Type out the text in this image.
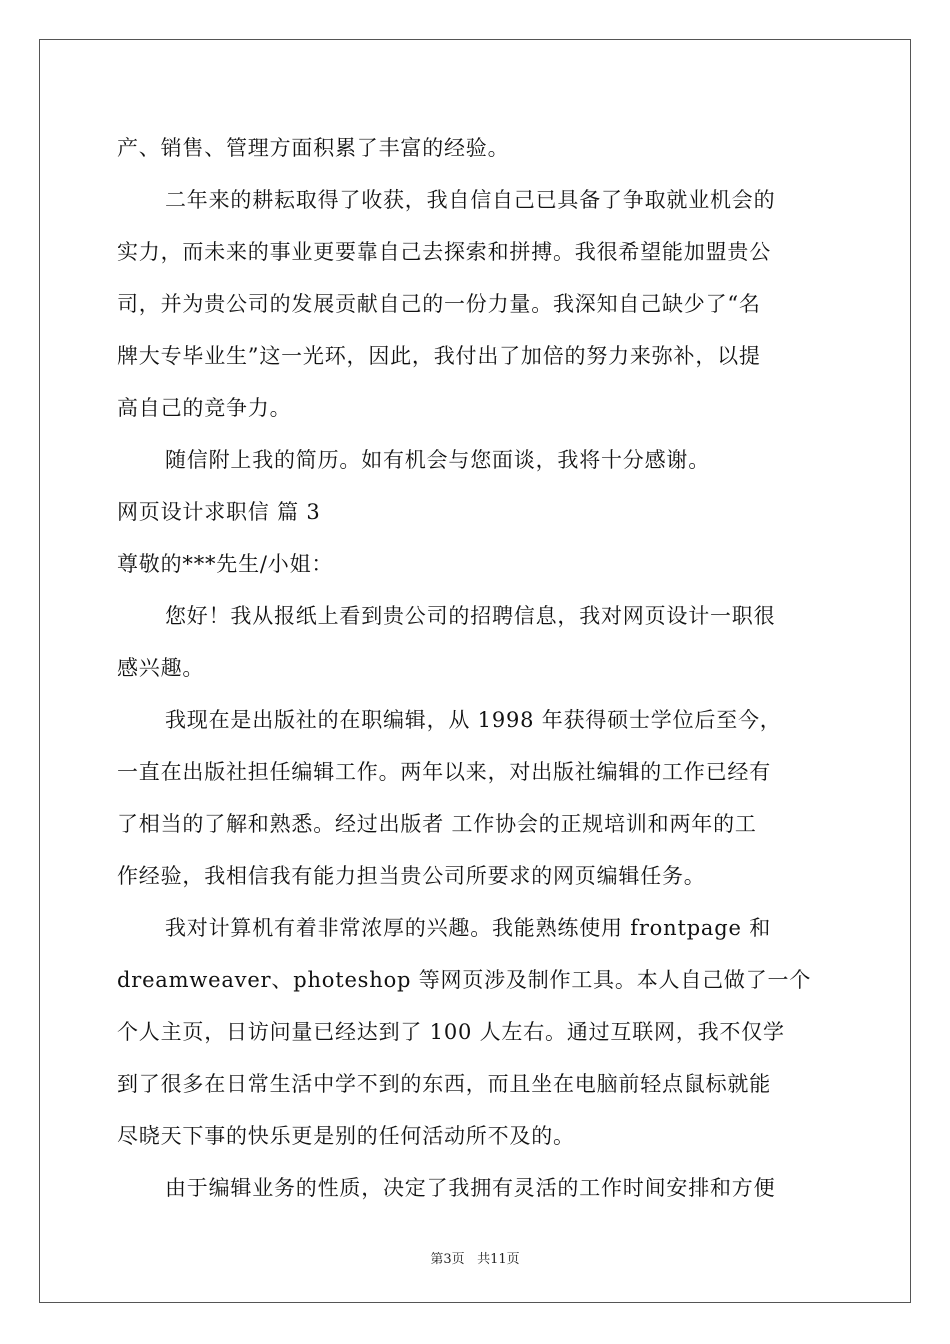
产、销售、管理方面积累了丰富的经验。
二年来的耕耘取得了收获，我自信自己已具备了争取就业机会的
实力，而未来的事业更要靠自己去探索和拼搏。我很希望能加盟贵公
司，并为贵公司的发展贡献自己的一份力量。我深知自己缺少了“名
牌大专毕业生”这一光环，因此，我付出了加倍的努力来弥补，以提
高自己的竞争力。
随信附上我的简历。如有机会与您面谈，我将十分感谢。
网页设计求职信 篇 3
尊敬的***先生/小姐：
您好！我从报纸上看到贵公司的招聘信息，我对网页设计一职很
感兴趣。
我现在是出版社的在职编辑，从 1998 年获得硕士学位后至今，
一直在出版社担任编辑工作。两年以来，对出版社编辑的工作已经有
了相当的了解和熟悉。经过出版者 工作协会的正规培训和两年的工
作经验，我相信我有能力担当贵公司所要求的网页编辑任务。
我对计算机有着非常浓厚的兴趣。我能熟练使用 frontpage 和
dreamweaver、photeshop 等网页涉及制作工具。本人自己做了一个
个人主页，日访问量已经达到了 100 人左右。通过互联网，我不仅学
到了很多在日常生活中学不到的东西，而且坐在电脑前轻点鼠标就能
尽晓天下事的快乐更是别的任何活动所不及的。
由于编辑业务的性质，决定了我拥有灵活的工作时间安排和方便
第3页 共11页
